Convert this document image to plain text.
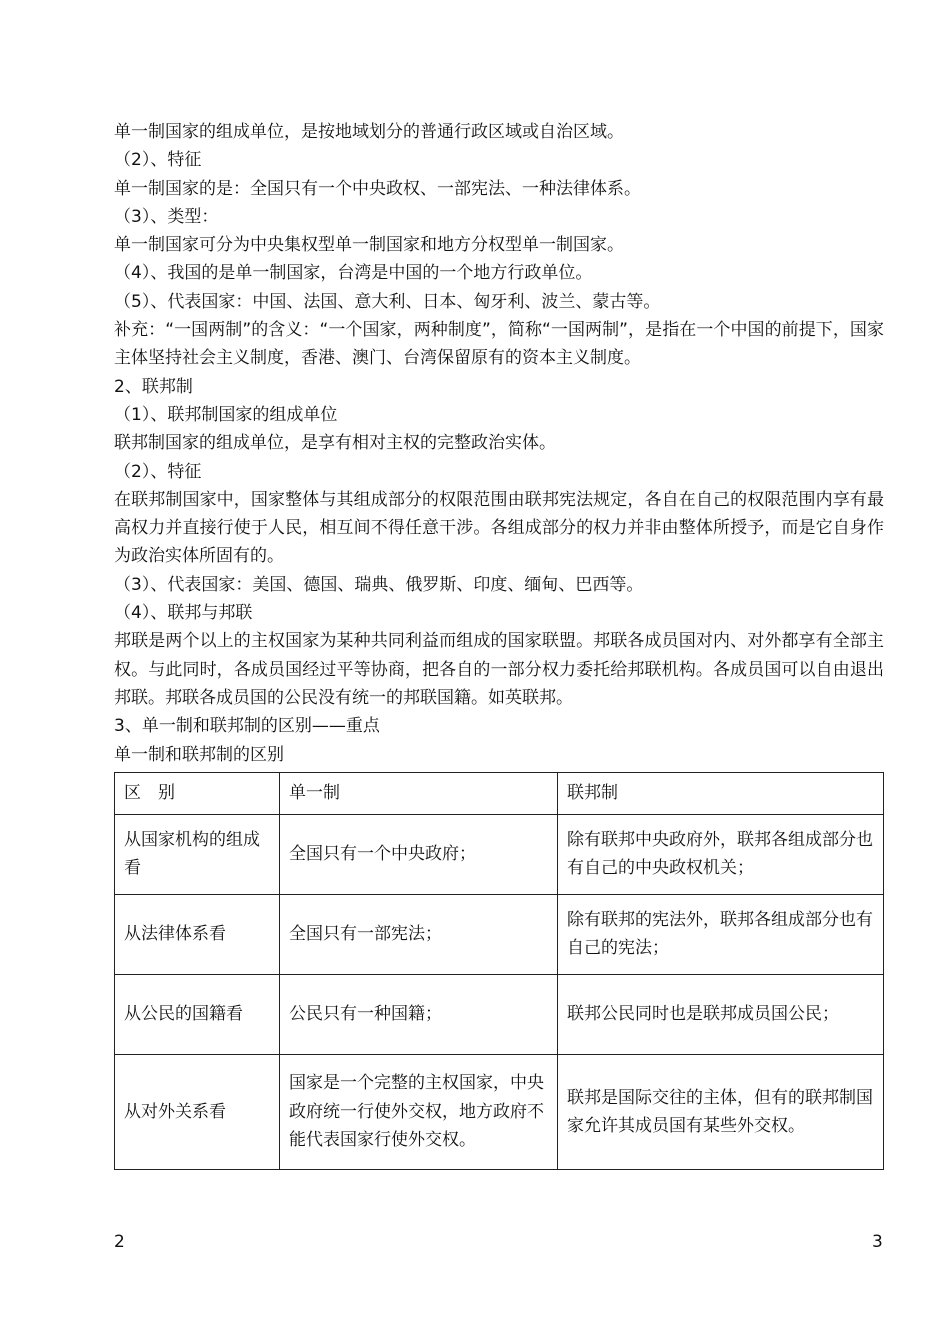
单一制国家的组成单位，是按地域划分的普通行政区域或自治区域。
（2）、特征
单一制国家的是：全国只有一个中央政权、一部宪法、一种法律体系。
（3）、类型：
单一制国家可分为中央集权型单一制国家和地方分权型单一制国家。
（4）、我国的是单一制国家，台湾是中国的一个地方行政单位。
（5）、代表国家：中国、法国、意大利、日本、匈牙利、波兰、蒙古等。
补充：“一国两制”的含义：“一个国家，两种制度”，简称“一国两制”，是指在一个中国的前提下，国家主体坚持社会主义制度，香港、澳门、台湾保留原有的资本主义制度。
2、联邦制
（1）、联邦制国家的组成单位
联邦制国家的组成单位，是享有相对主权的完整政治实体。
（2）、特征
在联邦制国家中，国家整体与其组成部分的权限范围由联邦宪法规定，各自在自己的权限范围内享有最高权力并直接行使于人民，相互间不得任意干涉。各组成部分的权力并非由整体所授予，而是它自身作为政治实体所固有的。
（3）、代表国家：美国、德国、瑞典、俄罗斯、印度、缅甸、巴西等。
（4）、联邦与邦联
邦联是两个以上的主权国家为某种共同利益而组成的国家联盟。邦联各成员国对内、对外都享有全部主权。与此同时，各成员国经过平等协商，把各自的一部分权力委托给邦联机构。各成员国可以自由退出邦联。邦联各成员国的公民没有统一的邦联国籍。如英联邦。
3、单一制和联邦制的区别——重点
单一制和联邦制的区别
区　别	单一制	联邦制
从国家机构的组成看	全国只有一个中央政府；	除有联邦中央政府外，联邦各组成部分也有自己的中央政权机关；
从法律体系看	全国只有一部宪法；	除有联邦的宪法外，联邦各组成部分也有自己的宪法；
从公民的国籍看	公民只有一种国籍；	联邦公民同时也是联邦成员国公民；
从对外关系看	国家是一个完整的主权国家，中央政府统一行使外交权，地方政府不能代表国家行使外交权。	联邦是国际交往的主体，但有的联邦制国家允许其成员国有某些外交权。
2	3
